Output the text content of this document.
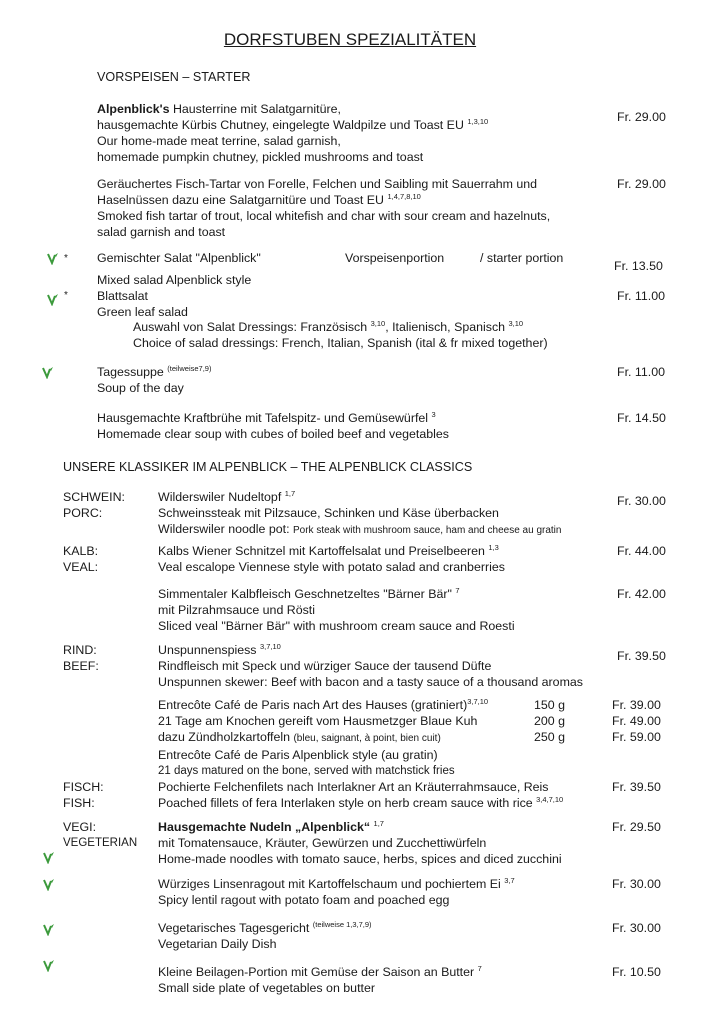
DORFSTUBEN SPEZIALITÄTEN
VORSPEISEN – STARTER
Alpenblick's Hausterrine mit Salatgarnitüre,
hausgemachte Kürbis Chutney, eingelegte Waldpilze und Toast EU $^{1,3,10}$
Our home-made meat terrine, salad garnish,
homemade pumpkin chutney, pickled mushrooms and toast
Fr. 29.00
Geräuchertes Fisch-Tartar von Forelle, Felchen und Saibling mit Sauerrahm und
Haselnüssen dazu eine Salatgarnitüre und Toast EU $^{1,4,7,8,10}$
Smoked fish tartar of trout, local whitefish and char with sour cream and hazelnuts,
salad garnish and toast
Fr. 29.00
* Gemischter Salat "Alpenblick"	Vorspeisenportion	/ starter portion
Mixed salad Alpenblick style
Fr. 13.50
* Blattsalat
Green leaf salad
Fr. 11.00
Auswahl von Salat Dressings: Französisch $^{3,10}$, Italienisch, Spanisch $^{3,10}$
Choice of salad dressings: French, Italian, Spanish (ital & fr mixed together)
Tagessuppe $^{(teilweise7,9)}$
Soup of the day
Fr. 11.00
Hausgemachte Kraftbrühe mit Tafelspitz- und Gemüsewürfel $^3$
Homemade clear soup with cubes of boiled beef and vegetables
Fr. 14.50
UNSERE KLASSIKER IM ALPENBLICK – THE ALPENBLICK CLASSICS
SCHWEIN:
PORC:
Wilderswiler Nudeltopf $^{1,7}$
Schweinssteak mit Pilzsauce, Schinken und Käse überbacken
Wilderswiler noodle pot: Pork steak with mushroom sauce, ham and cheese au gratin
Fr. 30.00
KALB:
VEAL:
Kalbs Wiener Schnitzel mit Kartoffelsalat und Preiselbeeren $^{1,3}$
Veal escalope Viennese style with potato salad and cranberries
Fr. 44.00
Simmentaler Kalbfleisch Geschnetzeltes "Bärner Bär" $^7$
mit Pilzrahmsauce und Rösti
Sliced veal "Bärner Bär" with mushroom cream sauce and Roesti
Fr. 42.00
RIND:
BEEF:
Unspunnenspiess $^{3,7,10}$
Rindfleisch mit Speck und würziger Sauce der tausend Düfte
Unspunnen skewer: Beef with bacon and a tasty sauce of a thousand aromas
Fr. 39.50
Entrecôte Café de Paris nach Art des Hauses (gratiniert)$^{3,7,10}$
21 Tage am Knochen gereift vom Hausmetzger Blaue Kuh
dazu Zündholzkartoffeln (bleu, saignant, à point, bien cuit)
Entrecôte Café de Paris Alpenblick style (au gratin)
21 days matured on the bone, served with matchstick fries
150 g
200 g
250 g
Fr. 39.00
Fr. 49.00
Fr. 59.00
FISCH:
FISH:
Pochierte Felchenfilets nach Interlakner Art an Kräuterrahmsauce, Reis
Poached fillets of fera Interlaken style on herb cream sauce with rice $^{3,4,7,10}$
Fr. 39.50
VEGI:
VEGETERIAN
Hausgemachte Nudeln „Alpenblick“ $^{1,7}$
mit Tomatensauce, Kräuter, Gewürzen und Zucchettiwürfeln
Home-made noodles with tomato sauce, herbs, spices and diced zucchini
Fr. 29.50
Würziges Linsenragout mit Kartoffelschaum und pochiertem Ei $^{3,7}$
Spicy lentil ragout with potato foam and poached egg
Fr. 30.00
Vegetarisches Tagesgericht $^{(teilweise 1,3,7,9)}$
Vegetarian Daily Dish
Fr. 30.00
Kleine Beilagen-Portion mit Gemüse der Saison an Butter $^7$
Small side plate of vegetables on butter
Fr. 10.50
